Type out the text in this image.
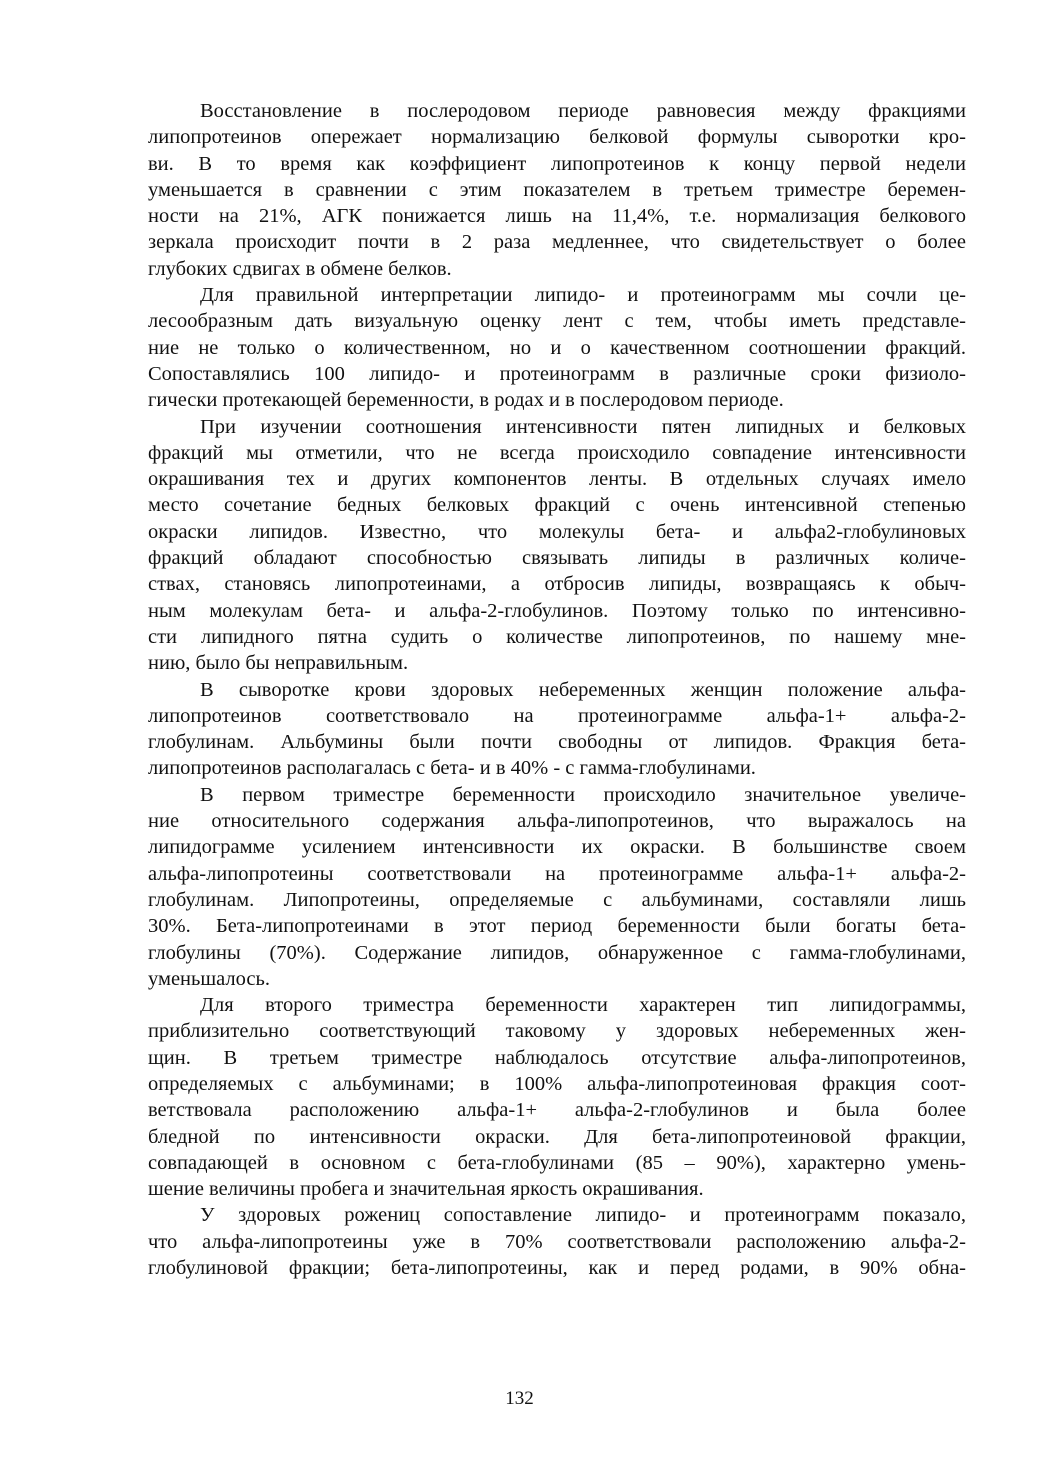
Восстановление в послеродовом периоде равновесия между фракциями
липопротеинов опережает нормализацию белковой формулы сыворотки кро-
ви. В то время как коэффициент липопротеинов к концу первой недели
уменьшается в сравнении с этим показателем в третьем триместре беремен-
ности на 21%, АГК понижается лишь на 11,4%, т.е. нормализация белкового
зеркала происходит почти в 2 раза медленнее, что свидетельствует о более
глубоких сдвигах в обмене белков.
Для правильной интерпретации липидо- и протеинограмм мы сочли це-
лесообразным дать визуальную оценку лент с тем, чтобы иметь представле-
ние не только о количественном, но и о качественном соотношении фракций.
Сопоставлялись 100 липидо- и протеинограмм в различные сроки физиоло-
гически протекающей беременности, в родах и в послеродовом периоде.
При изучении соотношения интенсивности пятен липидных и белковых
фракций мы отметили, что не всегда происходило совпадение интенсивности
окрашивания тех и других компонентов ленты. В отдельных случаях имело
место сочетание бедных белковых фракций с очень интенсивной степенью
окраски липидов. Известно, что молекулы бета- и альфа2-глобулиновых
фракций обладают способностью связывать липиды в различных количе-
ствах, становясь липопротеинами, а отбросив липиды, возвращаясь к обыч-
ным молекулам бета- и альфа-2-глобулинов. Поэтому только по интенсивно-
сти липидного пятна судить о количестве липопротеинов, по нашему мне-
нию, было бы неправильным.
В сыворотке крови здоровых небеременных женщин положение альфа-
липопротеинов соответствовало на протеинограмме альфа-1+ альфа-2-
глобулинам. Альбумины были почти свободны от липидов. Фракция бета-
липопротеинов располагалась с бета- и в 40% - с гамма-глобулинами.
В первом триместре беременности происходило значительное увеличе-
ние относительного содержания альфа-липопротеинов, что выражалось на
липидограмме усилением интенсивности их окраски. В большинстве своем
альфа-липопротеины соответствовали на протеинограмме альфа-1+ альфа-2-
глобулинам. Липопротеины, определяемые с альбуминами, составляли лишь
30%. Бета-липопротеинами в этот период беременности были богаты бета-
глобулины (70%). Содержание липидов, обнаруженное с гамма-глобулинами,
уменьшалось.
Для второго триместра беременности характерен тип липидограммы,
приблизительно соответствующий таковому у здоровых небеременных жен-
щин. В третьем триместре наблюдалось отсутствие альфа-липопротеинов,
определяемых с альбуминами; в 100% альфа-липопротеиновая фракция соот-
ветствовала расположению альфа-1+ альфа-2-глобулинов и была более
бледной по интенсивности окраски. Для бета-липопротеиновой фракции,
совпадающей в основном с бета-глобулинами (85 – 90%), характерно умень-
шение величины пробега и значительная яркость окрашивания.
У здоровых рожениц сопоставление липидо- и протеинограмм показало,
что альфа-липопротеины уже в 70% соответствовали расположению альфа-2-
глобулиновой фракции; бета-липопротеины, как и перед родами, в 90% обна-
132
